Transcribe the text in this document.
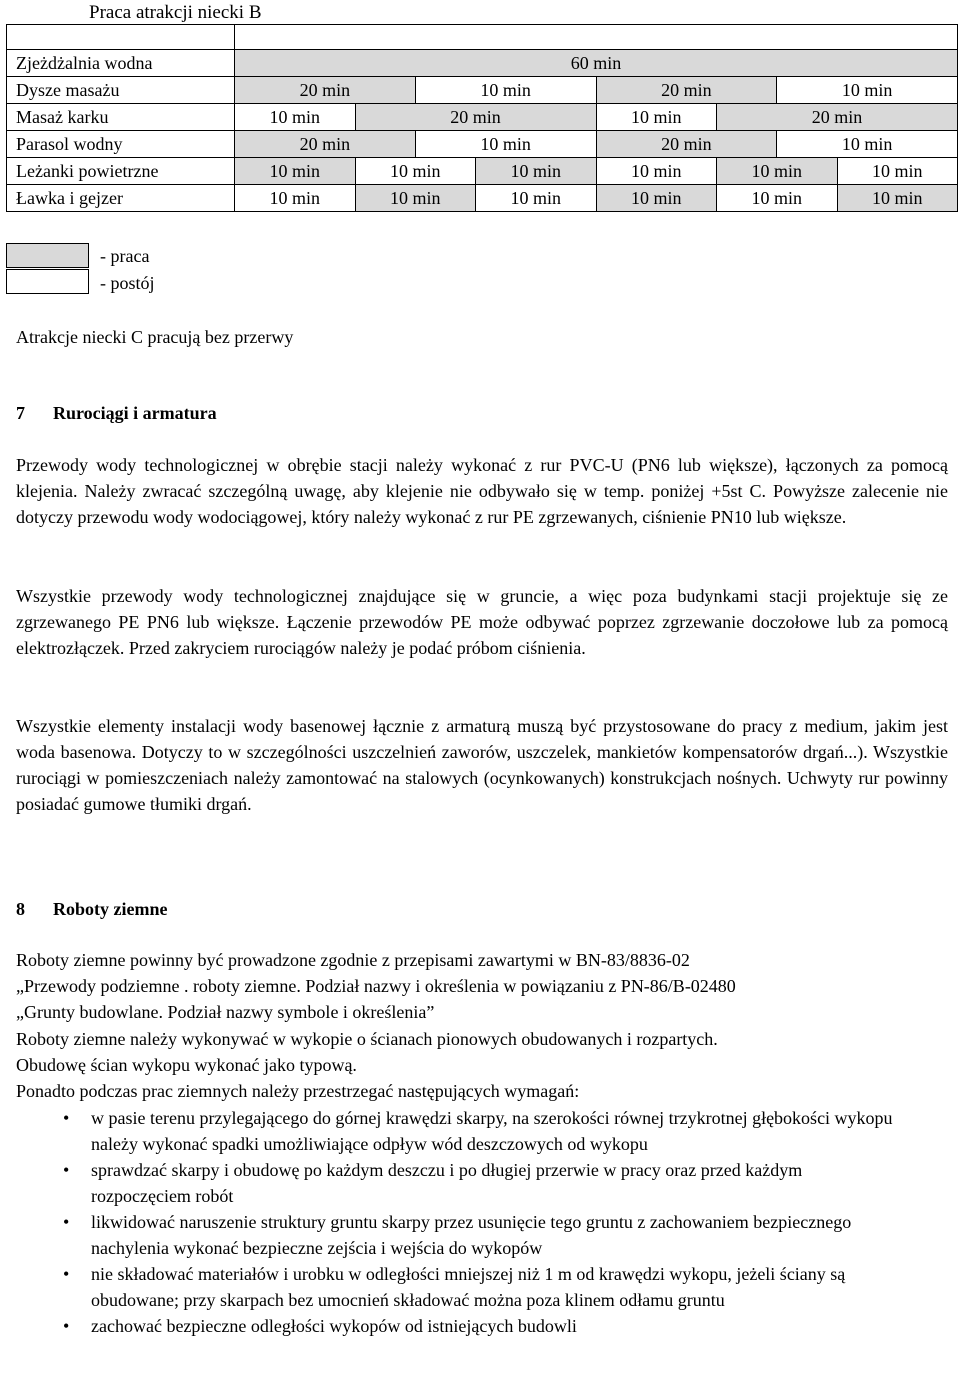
Praca atrakcji niecki B

Zjeżdżalnia wodna	60 min							
Dysze masażu	20 min		10 min		20 min		10 min	
Masaż karku	10 min	20 min			10 min	20 min		
Parasol wodny	20 min		10 min		20 min		10 min	
Leżanki powietrzne	10 min	10 min		10 min	10 min	10 min		10 min
Ławka i gejzer	10 min	10 min		10 min	10 min	10 min		10 min
- praca
- postój
Atrakcje niecki C pracują bez przerwy
7 Rurociągi i armatura
Przewody wody technologicznej w obrębie stacji należy wykonać z rur PVC-U (PN6 lub większe), łączonych za pomocą klejenia. Należy zwracać szczególną uwagę, aby klejenie nie odbywało się w temp. poniżej +5st C. Powyższe zalecenie nie dotyczy przewodu wody wodociągowej, który należy wykonać z rur PE zgrzewanych, ciśnienie PN10 lub większe.
Wszystkie przewody wody technologicznej znajdujące się w gruncie, a więc poza budynkami stacji projektuje się ze zgrzewanego PE PN6 lub większe. Łączenie przewodów PE może odbywać poprzez zgrzewanie doczołowe lub za pomocą elektrozłączek. Przed zakryciem rurociągów należy je podać próbom ciśnienia.
Wszystkie elementy instalacji wody basenowej łącznie z armaturą muszą być przystosowane do pracy z medium, jakim jest woda basenowa. Dotyczy to w szczególności uszczelnień zaworów, uszczelek, mankietów kompensatorów drgań...). Wszystkie rurociągi w pomieszczeniach należy zamontować na stalowych (ocynkowanych) konstrukcjach nośnych. Uchwyty rur powinny posiadać gumowe tłumiki drgań.
8 Roboty ziemne
Roboty ziemne powinny być prowadzone zgodnie z przepisami zawartymi w BN-83/8836-02
„Przewody podziemne . roboty ziemne. Podział nazwy i określenia w powiązaniu z PN-86/B-02480
„Grunty budowlane. Podział nazwy symbole i określenia”
Roboty ziemne należy wykonywać w wykopie o ścianach pionowych obudowanych i rozpartych.
Obudowę ścian wykopu wykonać jako typową.
Ponadto podczas prac ziemnych należy przestrzegać następujących wymagań:
• w pasie terenu przylegającego do górnej krawędzi skarpy, na szerokości równej trzykrotnej głębokości wykopu należy wykonać spadki umożliwiające odpływ wód deszczowych od wykopu
• sprawdzać skarpy i obudowę po każdym deszczu i po długiej przerwie w pracy oraz przed każdym rozpoczęciem robót
• likwidować naruszenie struktury gruntu skarpy przez usunięcie tego gruntu z zachowaniem bezpiecznego nachylenia wykonać bezpieczne zejścia i wejścia do wykopów
• nie składować materiałów i urobku w odległości mniejszej niż 1 m od krawędzi wykopu, jeżeli ściany są obudowane; przy skarpach bez umocnień składować można poza klinem odłamu gruntu
• zachować bezpieczne odległości wykopów od istniejących budowli
